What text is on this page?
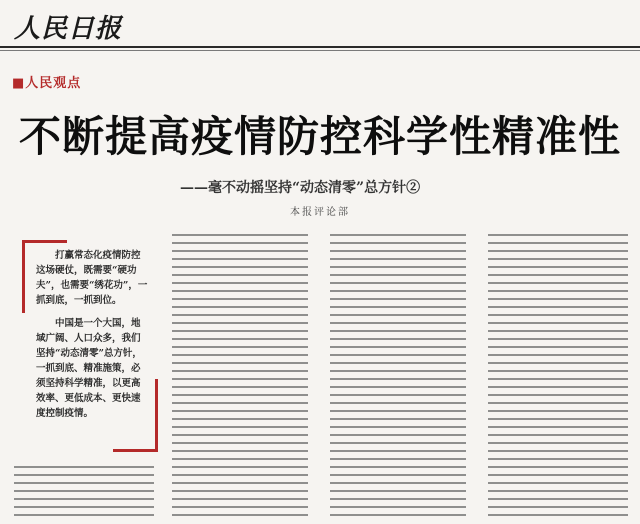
人民日报
■人民观点
不断提高疫情防控科学性精准性
——毫不动摇坚持“动态清零”总方针②
本报评论部

打赢常态化疫情防控这场硬仗，既需要“硬功夫”，也需要“绣花功”，一抓到底，一抓到位。

中国是一个大国，地域广阔、人口众多，我们坚持“动态清零”总方针，一抓到底、精准施策，必须坚持科学精准，以更高效率、更低成本、更快速度控制疫情。
